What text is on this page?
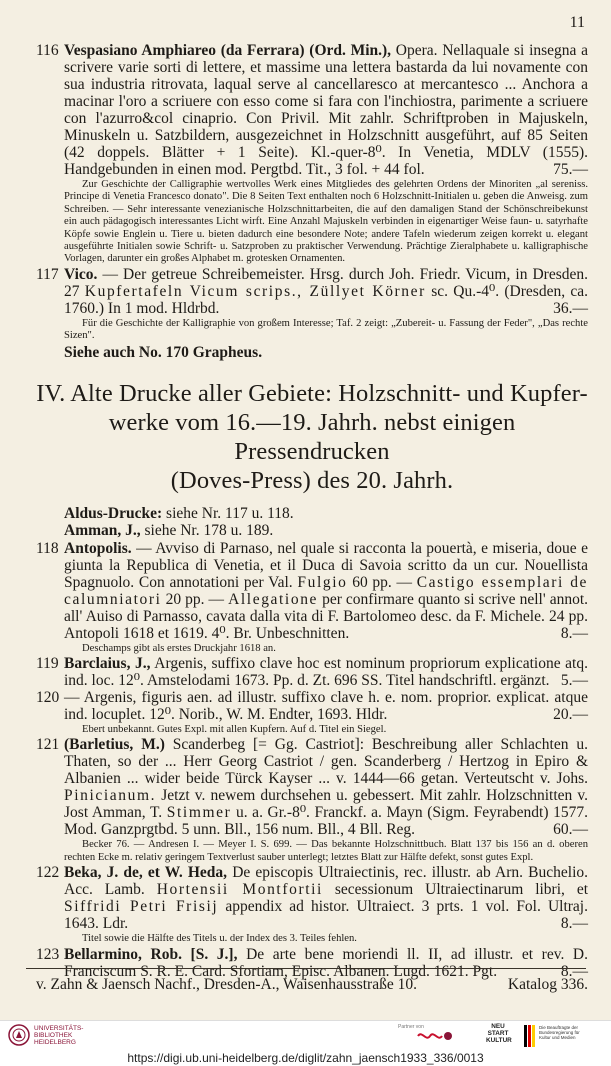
11
116 Vespasiano Amphiareo (da Ferrara) (Ord. Min.), Opera. Nellaquale si insegna a scrivere varie sorti di lettere, et massime una lettera bastarda da lui novamente con sua industria ritrovata, laqual serve al cancellaresco at mercantesco ... Anchora a macinar l'oro a scriuere con esso come si fara con l'inchiostra, parimente a scriuere con l'azurro&col cinaprio. Con Privil. Mit zahlr. Schriftproben in Majuskeln, Minuskeln u. Satzbildern, ausgezeichnet in Holzschnitt ausgeführt, auf 85 Seiten (42 doppels. Blätter + 1 Seite). Kl.-quer-8⁰. In Venetia, MDLV (1555). Handgebunden in einen mod. Pergtbd. Tit., 3 fol. + 44 fol.	75.—

Zur Geschichte der Calligraphie wertvolles Werk eines Mitgliedes des gelehrten Ordens der Minoriten „al sereniss. Principe di Venetia Francesco donato". Die 8 Seiten Text enthalten noch 6 Holzschnitt-Initialen u. geben die Anweisg. zum Schreiben. — Sehr interessante venezianische Holzschnittarbeiten, die auf den damaligen Stand der Schönschreibekunst ein auch pädagogisch interessantes Licht wirft. Eine Anzahl Majuskeln verbinden in eigenartiger Weise faun- u. satyrhafte Köpfe sowie Englein u. Tiere u. bieten dadurch eine besondere Note; andere Tafeln wiederum zeigen korrekt u. elegant ausgeführte Initialen sowie Schrift- u. Satzproben zu praktischer Verwendung. Prächtige Zieralphabete u. kalligraphische Vorlagen, darunter ein großes Alphabet m. grotesken Ornamenten.

117 Vico. — Der getreue Schreibemeister. Hrsg. durch Joh. Friedr. Vicum, in Dresden. 27 Kupfertafeln Vicum scrips., Züllyet Körner sc. Qu.-4⁰. (Dresden, ca. 1760.) In 1 mod. Hldrbd.	36.—

Für die Geschichte der Kalligraphie von großem Interesse; Taf. 2 zeigt: „Zubereit- u. Fassung der Feder", „Das rechte Sizen".

Siehe auch No. 170 Grapheus.

IV. Alte Drucke aller Gebiete: Holzschnitt- und Kupfer-
werke vom 16.—19. Jahrh. nebst einigen Pressendrucken
(Doves-Press) des 20. Jahrh.
Aldus-Drucke: siehe Nr. 117 u. 118.
Amman, J., siehe Nr. 178 u. 189.
118 Antopolis. — Avviso di Parnaso, nel quale si racconta la pouertà, e miseria, doue e giunta la Republica di Venetia, et il Duca di Savoia scritto da un cur. Nouellista Spagnuolo. Con annotationi per Val. Fulgio 60 pp. — Castigo essemplari de calumniatori 20 pp. — Allegatione per confirmare quanto si scrive nell' annot. all' Auiso di Parnasso, cavata dalla vita di F. Bartolomeo desc. da F. Michele. 24 pp. Antopoli 1618 et 1619. 4⁰. Br. Unbeschnitten.	8.—

Deschamps gibt als erstes Druckjahr 1618 an.

119 Barclaius, J., Argenis, suffixo clave hoc est nominum propriorum explicatione atq. ind. loc. 12⁰. Amstelodami 1673. Pp. d. Zt. 696 SS. Titel handschriftl. ergänzt. 5.—

120 — Argenis, figuris aen. ad illustr. suffixo clave h. e. nom. proprior. explicat. atque ind. locuplet. 12⁰. Norib., W. M. Endter, 1693. Hldr.	20.—

Ebert unbekannt. Gutes Expl. mit allen Kupfern. Auf d. Titel ein Siegel.

121 (Barletius, M.) Scanderbeg [= Gg. Castriot]: Beschreibung aller Schlachten u. Thaten, so der ... Herr Georg Castriot / gen. Scanderberg / Hertzog in Epiro & Albanien ... wider beide Türck Kayser ... v. 1444—66 getan. Verteutscht v. Johs. Pinicianum. Jetzt v. newem durchsehen u. gebessert. Mit zahlr. Holzschnitten v. Jost Amman, T. Stimmer u. a. Gr.-8⁰. Franckf. a. Mayn (Sigm. Feyrabendt) 1577. Mod. Ganzprgtbd. 5 unn. Bll., 156 num. Bll., 4 Bll. Reg.	60.—

Becker 76. — Andresen I. — Meyer I. S. 699. — Das bekannte Holzschnittbuch. Blatt 137 bis 156 an d. oberen rechten Ecke m. relativ geringem Textverlust sauber unterlegt; letztes Blatt zur Hälfte defekt, sonst gutes Expl.

122 Beka, J. de, et W. Heda, De episcopis Ultraiectinis, rec. illustr. ab Arn. Buchelio. Acc. Lamb. Hortensii Montfortii secessionum Ultraiectinarum libri, et Siffridi Petri Frisij appendix ad histor. Ultraiect. 3 prts. 1 vol. Fol. Ultraj. 1643. Ldr.	8.—

Titel sowie die Hälfte des Titels u. der Index des 3. Teiles fehlen.

123 Bellarmino, Rob. [S. J.], De arte bene moriendi ll. II, ad illustr. et rev. D. Franciscum S. R. E. Card. Sfortiam, Episc. Albanen. Lugd. 1621. Pgt.	8.—

v. Zahn & Jaensch Nachf., Dresden-A., Waisenhausstraße 10.	Katalog 336.
UNIVERSITÄTS-
BIBLIOTHEK
HEIDELBERG
Partner von	NEU
START
KULTUR
Die Beauftragte der Bundesregierung für Kultur und Medien
https://digi.ub.uni-heidelberg.de/diglit/zahn_jaensch1933_336/0013
